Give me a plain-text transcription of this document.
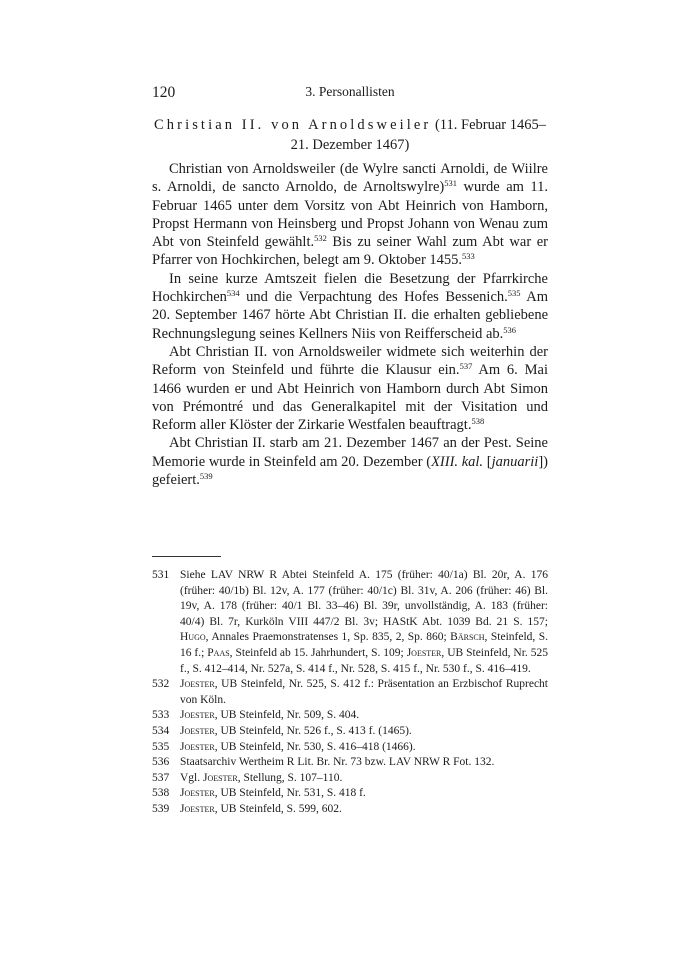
120	3. Personallisten
Christian II. von Arnoldsweiler (11. Februar 1465–
21. Dezember 1467)

Christian von Arnoldsweiler (de Wylre sancti Arnoldi, de Wiilre s. Arnoldi, de sancto Arnoldo, de Arnoltswylre)$^{531}$ wurde am 11. Februar 1465 unter dem Vorsitz von Abt Heinrich von Hamborn, Propst Hermann von Heinsberg und Propst Johann von Wenau zum Abt von Steinfeld gewählt.$^{532}$ Bis zu seiner Wahl zum Abt war er Pfarrer von Hochkirchen, belegt am 9. Oktober 1455.$^{533}$

In seine kurze Amtszeit fielen die Besetzung der Pfarrkirche Hochkirchen$^{534}$ und die Verpachtung des Hofes Bessenich.$^{535}$ Am 20. September 1467 hörte Abt Christian II. die erhalten gebliebene Rechnungslegung seines Kellners Niis von Reifferscheid ab.$^{536}$

Abt Christian II. von Arnoldsweiler widmete sich weiterhin der Reform von Steinfeld und führte die Klausur ein.$^{537}$ Am 6. Mai 1466 wurden er und Abt Heinrich von Hamborn durch Abt Simon von Prémontré und das Generalkapitel mit der Visitation und Reform aller Klöster der Zirkarie Westfalen beauftragt.$^{538}$

Abt Christian II. starb am 21. Dezember 1467 an der Pest. Seine Memorie wurde in Steinfeld am 20. Dezember (XIII. kal. [januarii]) gefeiert.$^{539}$

531 Siehe LAV NRW R Abtei Steinfeld A. 175 (früher: 40/1a) Bl. 20r, A. 176 (früher: 40/1b) Bl. 12v, A. 177 (früher: 40/1c) Bl. 31v, A. 206 (früher: 46) Bl. 19v, A. 178 (früher: 40/1 Bl. 33–46) Bl. 39r, unvollständig, A. 183 (früher: 40/4) Bl. 7r, Kurköln VIII 447/2 Bl. 3v; HAStK Abt. 1039 Bd. 21 S. 157; Hugo, Annales Praemonstratenses 1, Sp. 835, 2, Sp. 860; Bärsch, Steinfeld, S. 16 f.; Paas, Steinfeld ab 15. Jahrhundert, S. 109; Joester, UB Steinfeld, Nr. 525 f., S. 412–414, Nr. 527a, S. 414 f., Nr. 528, S. 415 f., Nr. 530 f., S. 416–419.
532 Joester, UB Steinfeld, Nr. 525, S. 412 f.: Präsentation an Erzbischof Ruprecht von Köln.
533 Joester, UB Steinfeld, Nr. 509, S. 404.
534 Joester, UB Steinfeld, Nr. 526 f., S. 413 f. (1465).
535 Joester, UB Steinfeld, Nr. 530, S. 416–418 (1466).
536 Staatsarchiv Wertheim R Lit. Br. Nr. 73 bzw. LAV NRW R Fot. 132.
537 Vgl. Joester, Stellung, S. 107–110.
538 Joester, UB Steinfeld, Nr. 531, S. 418 f.
539 Joester, UB Steinfeld, S. 599, 602.
